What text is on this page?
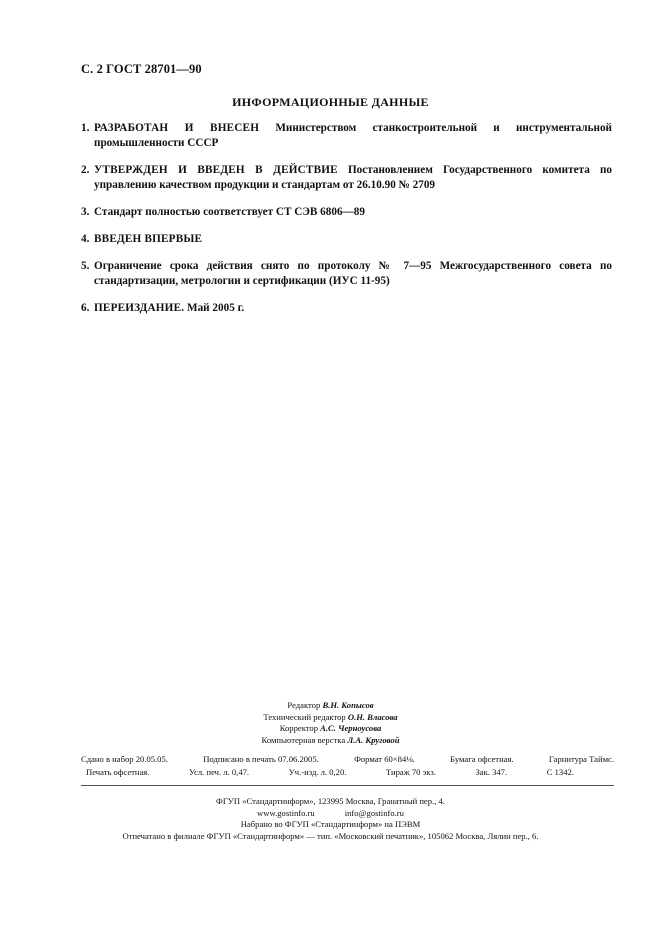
С. 2 ГОСТ 28701—90
ИНФОРМАЦИОННЫЕ ДАННЫЕ
1. РАЗРАБОТАН И ВНЕСЕН Министерством станкостроительной и инструментальной промышленности СССР
2. УТВЕРЖДЕН И ВВЕДЕН В ДЕЙСТВИЕ Постановлением Государственного комитета по управлению качеством продукции и стандартам от 26.10.90 № 2709
3. Стандарт полностью соответствует СТ СЭВ 6806—89
4. ВВЕДЕН ВПЕРВЫЕ
5. Ограничение срока действия снято по протоколу № 7—95 Межгосударственного совета по стандартизации, метрологии и сертификации (ИУС 11-95)
6. ПЕРЕИЗДАНИЕ. Май 2005 г.
Редактор В.Н. Копысов
Технический редактор О.Н. Власова
Корректор А.С. Черноусова
Компьютерная верстка Л.А. Круговой
Сдано в набор 20.05.05.	Подписано в печать 07.06.2005.	Формат 60×84⅛.	Бумага офсетная.	Гарнитура Таймс.
Печать офсетная.	Усл. печ. л. 0,47.	Уч.-изд. л. 0,20.	Тираж 70 экз.	Зак. 347.	С 1342.
ФГУП «Стандартинформ», 123995 Москва, Гранатный пер., 4.
www.gostinfo.ru	info@gostinfo.ru
Набрано во ФГУП «Стандартинформ» на ПЭВМ
Отпечатано в филиале ФГУП «Стандартинформ» — тип. «Московский печатник», 105062 Москва, Лялин пер., 6.
